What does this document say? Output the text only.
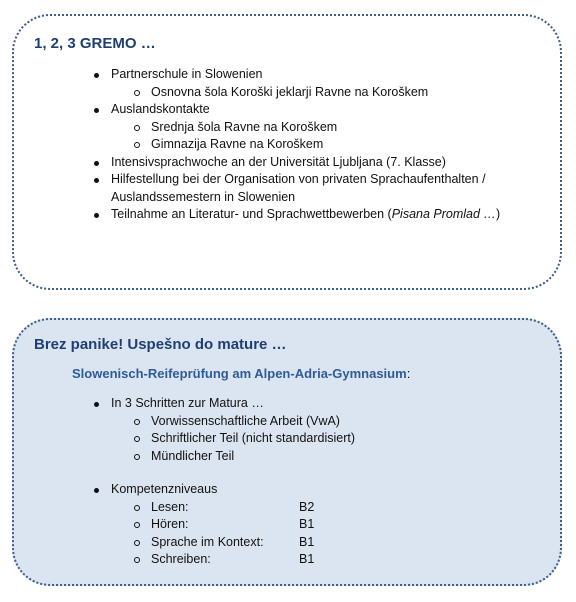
1, 2, 3 GREMO …
Partnerschule in Slowenien
Osnovna šola Koroški jeklarji Ravne na Koroškem
Auslandskontakte
Srednja šola Ravne na Koroškem
Gimnazija Ravne na Koroškem
Intensivsprachwoche an der Universität Ljubljana (7. Klasse)
Hilfestellung bei der Organisation von privaten Sprachaufenthalten /
Auslandssemestern in Slowenien
Teilnahme an Literatur- und Sprachwettbewerben (Pisana Promlad …)
Brez panike! Uspešno do mature …
Slowenisch-Reifeprüfung am Alpen-Adria-Gymnasium:
In 3 Schritten zur Matura …
Vorwissenschaftliche Arbeit (VwA)
Schriftlicher Teil (nicht standardisiert)
Mündlicher Teil
Kompetenzniveaus
Lesen:	B2
Hören:	B1
Sprache im Kontext:	B1
Schreiben:	B1
